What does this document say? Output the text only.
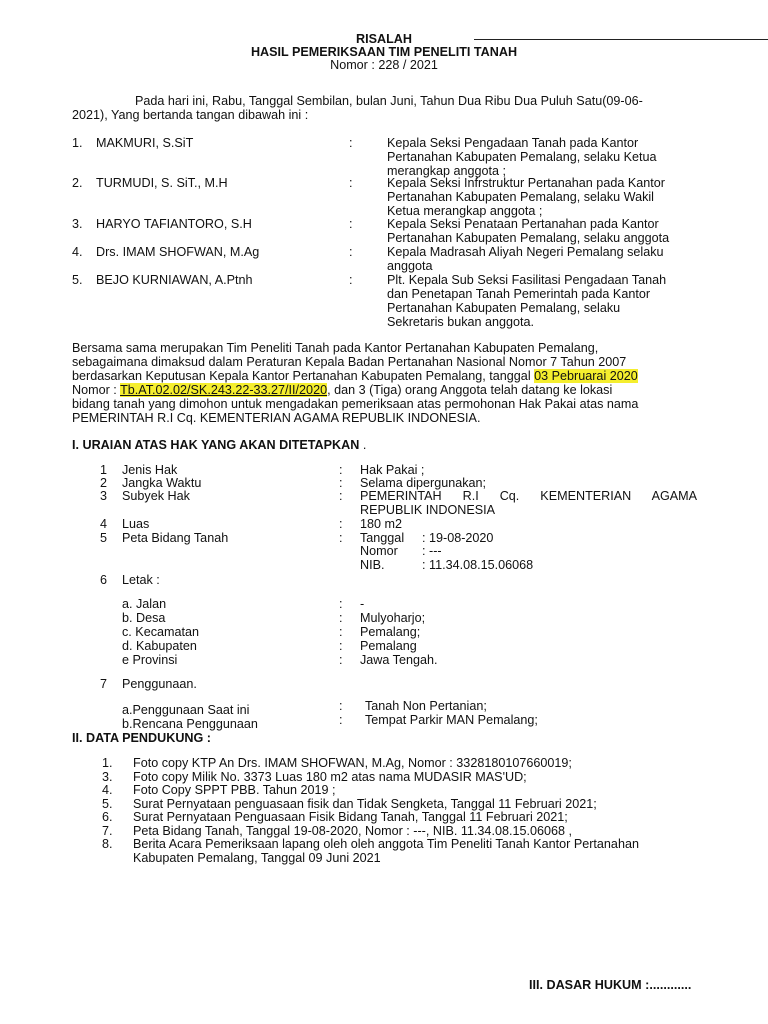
RISALAH
HASIL PEMERIKSAAN TIM PENELITI TANAH
Nomor : 228 / 2021
Pada hari ini, Rabu, Tanggal Sembilan, bulan Juni, Tahun Dua Ribu Dua Puluh Satu(09-06-
2021), Yang bertanda tangan dibawah ini :
1. MAKMURI, S.SiT	:	Kepala Seksi Pengadaan Tanah pada Kantor
Pertanahan Kabupaten Pemalang, selaku Ketua
merangkap anggota ;
2. TURMUDI, S. SiT., M.H	:	Kepala Seksi Infrstruktur Pertanahan pada Kantor
Pertanahan Kabupaten Pemalang, selaku Wakil
Ketua merangkap anggota ;
3. HARYO TAFIANTORO, S.H	:	Kepala Seksi Penataan Pertanahan pada Kantor
Pertanahan Kabupaten Pemalang, selaku anggota
4. Drs. IMAM SHOFWAN, M.Ag	:	Kepala Madrasah Aliyah Negeri Pemalang selaku
anggota
5. BEJO KURNIAWAN, A.Ptnh	:	Plt. Kepala Sub Seksi Fasilitasi Pengadaan Tanah
dan Penetapan Tanah Pemerintah pada Kantor
Pertanahan Kabupaten Pemalang, selaku
Sekretaris bukan anggota.
Bersama sama merupakan Tim Peneliti Tanah pada Kantor Pertanahan Kabupaten Pemalang,
sebagaimana dimaksud dalam Peraturan Kepala Badan Pertanahan Nasional Nomor 7 Tahun 2007
berdasarkan Keputusan Kepala Kantor Pertanahan Kabupaten Pemalang, tanggal 03 Pebruarai 2020
Nomor : Tb.AT.02.02/SK.243.22-33.27/II/2020, dan 3 (Tiga) orang Anggota telah datang ke lokasi
bidang tanah yang dimohon untuk mengadakan pemeriksaan atas permohonan Hak Pakai atas nama
PEMERINTAH R.I Cq. KEMENTERIAN AGAMA REPUBLIK INDONESIA.
I. URAIAN ATAS HAK YANG AKAN DITETAPKAN .
1 Jenis Hak	: Hak Pakai ;
2 Jangka Waktu	: Selama dipergunakan;
3 Subyek Hak	: PEMERINTAH      R.I      Cq.      KEMENTERIAN      AGAMA
REPUBLIK INDONESIA
4 Luas	: 180 m2
5 Peta Bidang Tanah	: Tanggal : 19-08-2020
Nomor : ---
NIB.	: 11.34.08.15.06068
6 Letak :
a. Jalan	: -
b. Desa	: Mulyoharjo;
c. Kecamatan	: Pemalang;
d. Kabupaten	: Pemalang
e Provinsi	: Jawa Tengah.
7 Penggunaan.
a.Penggunaan Saat ini	: Tanah Non Pertanian;
b.Rencana Penggunaan	: Tempat Parkir MAN Pemalang;
II. DATA PENDUKUNG :
1. Foto copy KTP An Drs. IMAM SHOFWAN, M.Ag, Nomor : 3328180107660019;
3. Foto copy Milik No. 3373 Luas 180 m2 atas nama MUDASIR MAS'UD;
4. Foto Copy SPPT PBB. Tahun 2019 ;
5. Surat Pernyataan penguasaan fisik dan Tidak Sengketa, Tanggal 11 Februari 2021;
6. Surat Pernyataan Penguasaan Fisik Bidang Tanah, Tanggal 11 Februari 2021;
7. Peta Bidang Tanah, Tanggal 19-08-2020, Nomor : ---, NIB. 11.34.08.15.06068 ,
8. Berita Acara Pemeriksaan lapang oleh oleh anggota Tim Peneliti Tanah Kantor Pertanahan
Kabupaten Pemalang, Tanggal 09 Juni 2021
III. DASAR HUKUM :............
